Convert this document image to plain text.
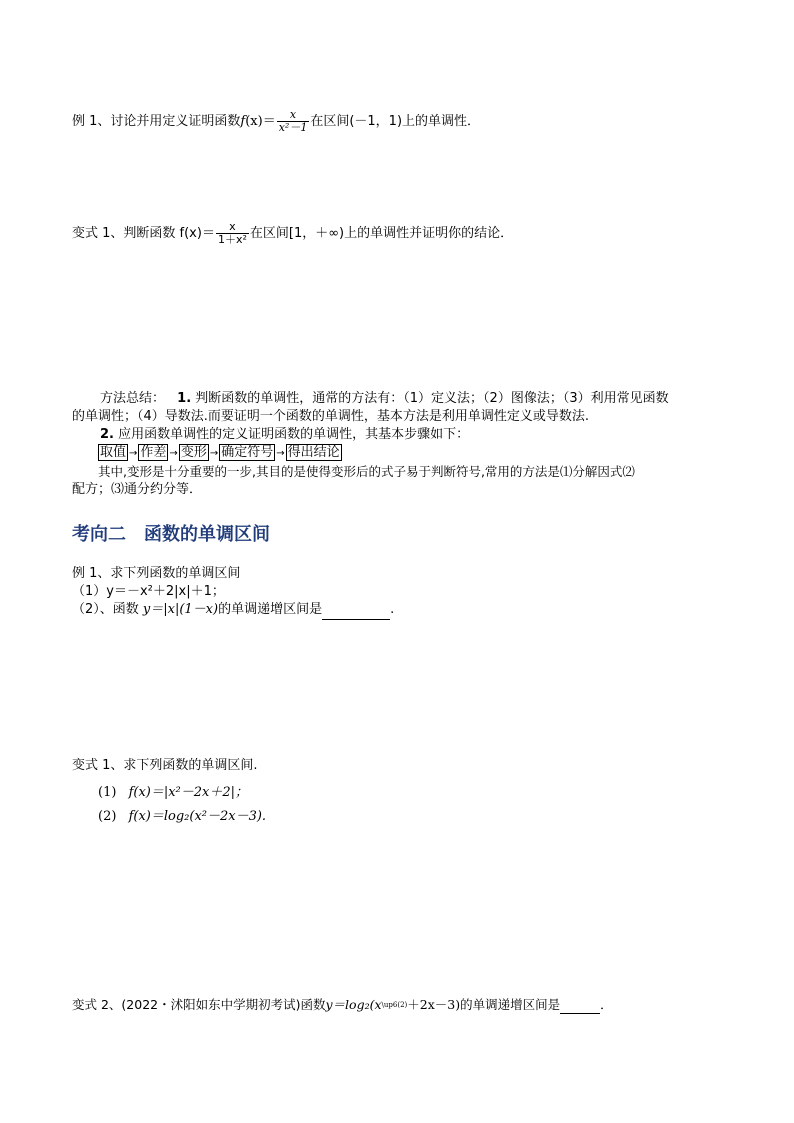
例 1、讨论并用定义证明函数$f(x)= \frac{x}{\text{x²－1}}$ 在区间(－1，1)上的单调性．
变式 1、判断函数 $f(x)= \frac{x}{\text{1＋x²}}$ 在区间[1，＋∞)上的单调性并证明你的结论．
方法总结： 1. 判断函数的单调性，通常的方法有：（1）定义法；（2）图像法；（3）利用常见函数
的单调性；（4）导数法.而要证明一个函数的单调性，基本方法是利用单调性定义或导数法.
2. 应用函数单调性的定义证明函数的单调性，其基本步骤如下：
取值 → 作差 → 变形 → 确定符号 → 得出结论
其中,变形是十分重要的一步,其目的是使得变形后的式子易于判断符号,常用的方法是⑴分解因式⑵
配方；⑶通分约分等．
考向二　函数的单调区间
例 1、求下列函数的单调区间
（1）y＝－x²＋2|x|＋1；
（2）、函数 y＝|x|(1－x)的单调递增区间是	.
变式 1、求下列函数的单调区间.
(1) f(x)＝|x²－2x＋2|；
(2) f(x)＝log₂(x²－2x－3).
变式 2、(2022・沭阳如东中学期初考试)函数$y=\log_2(x^{\backslash up6(2)}+2x-3)$的单调递增区间是	．
